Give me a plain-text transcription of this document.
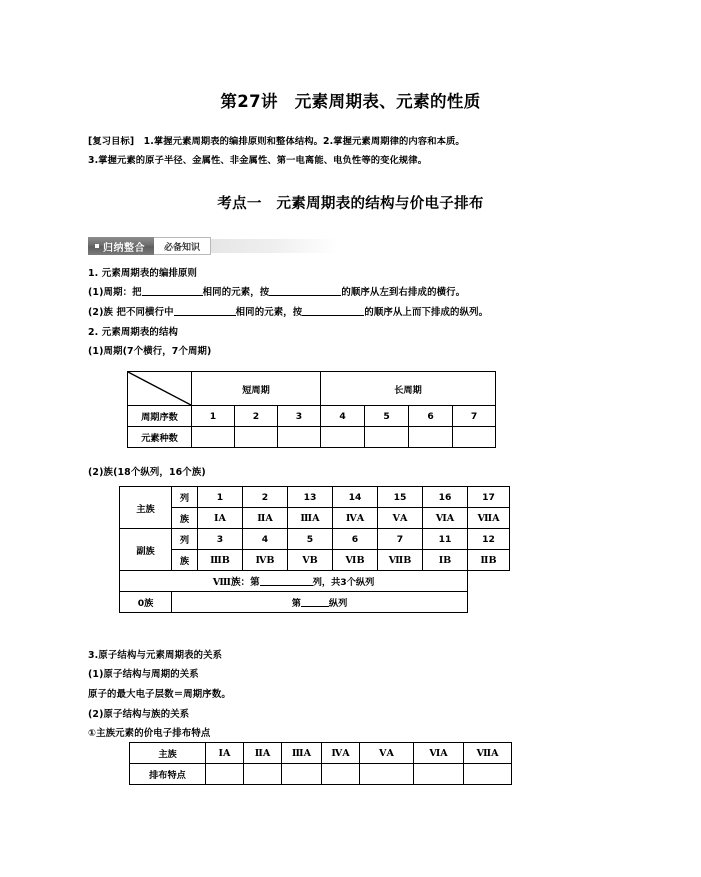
第27讲　元素周期表、元素的性质
[复习目标]　1.掌握元素周期表的编排原则和整体结构。2.掌握元素周期律的内容和本质。
3.掌握元素的原子半径、金属性、非金属性、第一电离能、电负性等的变化规律。
考点一　元素周期表的结构与价电子排布
归纳整合 必备知识
1. 元素周期表的编排原则
(1)周期：把	相同的元素，按	的顺序从左到右排成的横行。
(2)族 把不同横行中	相同的元素，按	的顺序从上而下排成的纵列。
2. 元素周期表的结构
(1)周期(7个横行，7个周期)

	短周期			长周期			
周期序数	1	2	3	4	5	6	7
元素种数							
(2)族(18个纵列，16个族)
主族	列	1	2	13	14	15	16	17
	族	ⅠA	ⅡA	ⅢA	ⅣA	ⅤA	ⅥA	ⅦA
副族	列	3	4	5	6	7	11	12
	族	ⅢB	ⅣB	ⅤB	ⅥB	ⅦB	ⅠB	ⅡB
Ⅷ族：第 列，共3个纵列								
0族	第 纵列							
3.原子结构与元素周期表的关系
(1)原子结构与周期的关系
原子的最大电子层数＝周期序数。
(2)原子结构与族的关系
①主族元素的价电子排布特点
主族	ⅠA	ⅡA	ⅢA	ⅣA	ⅤA	ⅥA	ⅦA
排布特点							
